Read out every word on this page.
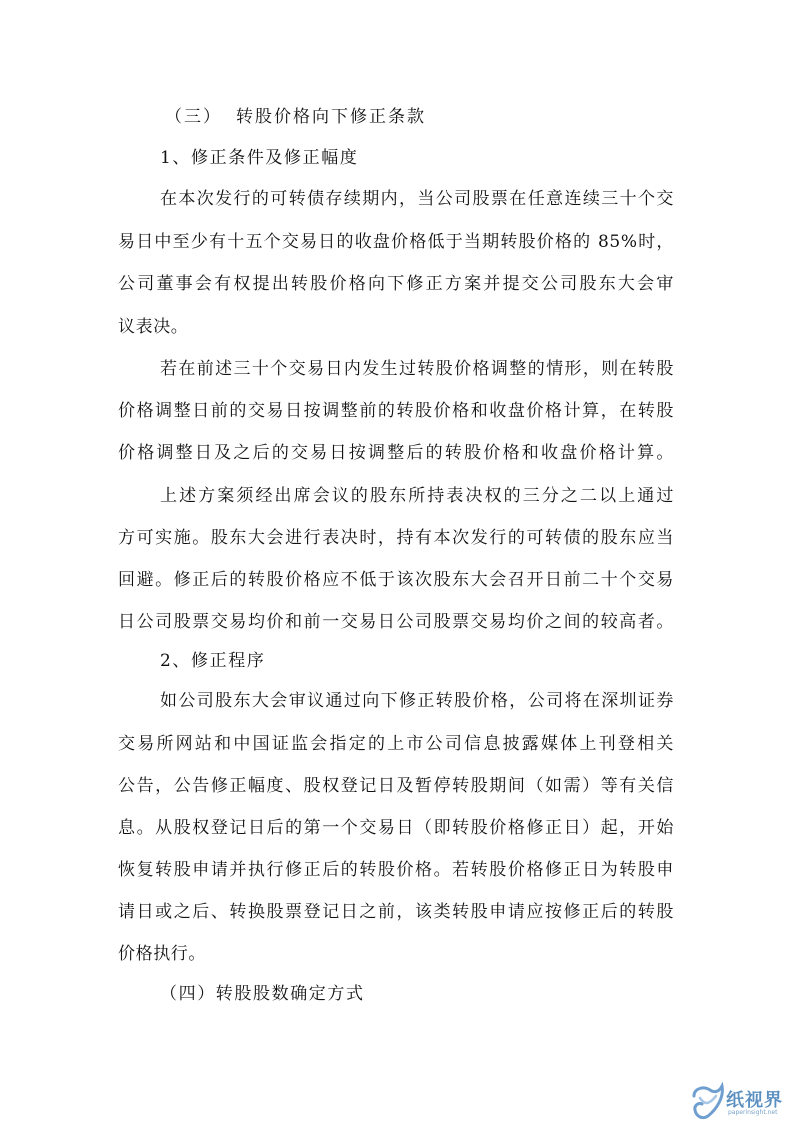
（三） 转股价格向下修正条款
1、修正条件及修正幅度
在本次发行的可转债存续期内，当公司股票在任意连续三十个交
易日中至少有十五个交易日的收盘价格低于当期转股价格的 85%时，
公司董事会有权提出转股价格向下修正方案并提交公司股东大会审
议表决。
若在前述三十个交易日内发生过转股价格调整的情形，则在转股
价格调整日前的交易日按调整前的转股价格和收盘价格计算，在转股
价格调整日及之后的交易日按调整后的转股价格和收盘价格计算。
上述方案须经出席会议的股东所持表决权的三分之二以上通过
方可实施。股东大会进行表决时，持有本次发行的可转债的股东应当
回避。修正后的转股价格应不低于该次股东大会召开日前二十个交易
日公司股票交易均价和前一交易日公司股票交易均价之间的较高者。
2、修正程序
如公司股东大会审议通过向下修正转股价格，公司将在深圳证券
交易所网站和中国证监会指定的上市公司信息披露媒体上刊登相关
公告，公告修正幅度、股权登记日及暂停转股期间（如需）等有关信
息。从股权登记日后的第一个交易日（即转股价格修正日）起，开始
恢复转股申请并执行修正后的转股价格。若转股价格修正日为转股申
请日或之后、转换股票登记日之前，该类转股申请应按修正后的转股
价格执行。
（四）转股股数确定方式
纸视界
paperinsight.net
